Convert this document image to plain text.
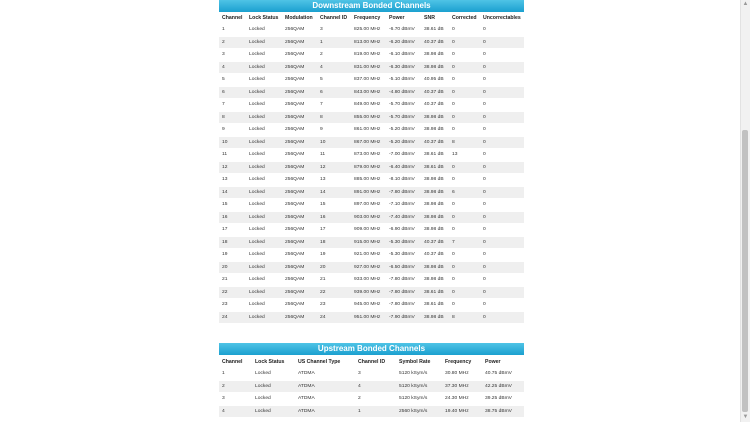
Downstream Bonded Channels
Channel	Lock Status	Modulation	Channel ID	Frequency	Power	SNR	Corrected	Uncorrectables
1	Locked	256QAM	3	825.00 MHz	-6.70 dBmV	38.61 dB	0	0
2	Locked	256QAM	1	813.00 MHz	-6.20 dBmV	40.37 dB	0	0
3	Locked	256QAM	2	819.00 MHz	-6.10 dBmV	38.98 dB	0	0
4	Locked	256QAM	4	831.00 MHz	-6.30 dBmV	38.98 dB	0	0
5	Locked	256QAM	5	837.00 MHz	-5.10 dBmV	40.95 dB	0	0
6	Locked	256QAM	6	843.00 MHz	-4.80 dBmV	40.37 dB	0	0
7	Locked	256QAM	7	849.00 MHz	-5.70 dBmV	40.37 dB	0	0
8	Locked	256QAM	8	855.00 MHz	-5.70 dBmV	38.98 dB	0	0
9	Locked	256QAM	9	861.00 MHz	-5.20 dBmV	38.98 dB	0	0
10	Locked	256QAM	10	867.00 MHz	-5.20 dBmV	40.37 dB	8	0
11	Locked	256QAM	11	873.00 MHz	-7.00 dBmV	38.61 dB	13	0
12	Locked	256QAM	12	879.00 MHz	-6.40 dBmV	38.61 dB	0	0
13	Locked	256QAM	13	885.00 MHz	-8.10 dBmV	38.98 dB	0	0
14	Locked	256QAM	14	891.00 MHz	-7.80 dBmV	38.98 dB	6	0
15	Locked	256QAM	15	897.00 MHz	-7.10 dBmV	38.98 dB	0	0
16	Locked	256QAM	16	903.00 MHz	-7.40 dBmV	38.98 dB	0	0
17	Locked	256QAM	17	909.00 MHz	-6.90 dBmV	38.98 dB	0	0
18	Locked	256QAM	18	915.00 MHz	-5.30 dBmV	40.37 dB	7	0
19	Locked	256QAM	19	921.00 MHz	-5.30 dBmV	40.37 dB	0	0
20	Locked	256QAM	20	927.00 MHz	-6.50 dBmV	38.98 dB	0	0
21	Locked	256QAM	21	933.00 MHz	-7.80 dBmV	38.98 dB	0	0
22	Locked	256QAM	22	939.00 MHz	-7.80 dBmV	38.61 dB	0	0
23	Locked	256QAM	23	945.00 MHz	-7.80 dBmV	38.61 dB	0	0
24	Locked	256QAM	24	951.00 MHz	-7.90 dBmV	38.98 dB	8	0
Upstream Bonded Channels
Channel	Lock Status	US Channel Type	Channel ID	Symbol Rate	Frequency	Power
1	Locked	ATDMA	3	5120 kSym/s	30.80 MHz	40.75 dBmV
2	Locked	ATDMA	4	5120 kSym/s	37.30 MHz	42.25 dBmV
3	Locked	ATDMA	2	5120 kSym/s	24.30 MHz	39.25 dBmV
4	Locked	ATDMA	1	2560 kSym/s	19.40 MHz	38.75 dBmV
▲
▼
